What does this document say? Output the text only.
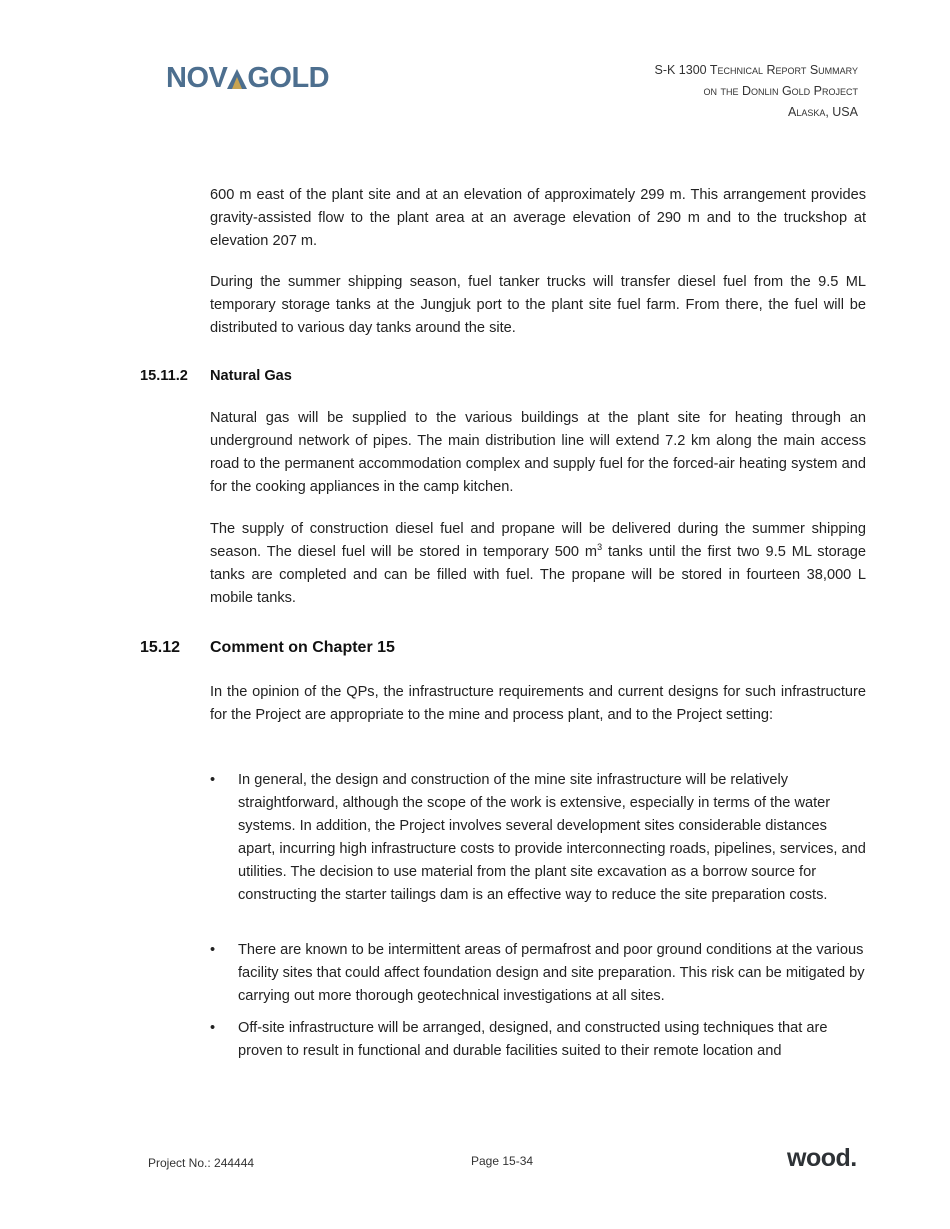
NOV GOLD	S-K 1300 Technical Report Summary
on the Donlin Gold Project
Alaska, USA

600 m east of the plant site and at an elevation of approximately 299 m. This arrangement provides gravity-assisted flow to the plant area at an average elevation of 290 m and to the truckshop at elevation 207 m.

During the summer shipping season, fuel tanker trucks will transfer diesel fuel from the 9.5 ML temporary storage tanks at the Jungjuk port to the plant site fuel farm. From there, the fuel will be distributed to various day tanks around the site.

15.11.2 Natural Gas

Natural gas will be supplied to the various buildings at the plant site for heating through an underground network of pipes. The main distribution line will extend 7.2 km along the main access road to the permanent accommodation complex and supply fuel for the forced-air heating system and for the cooking appliances in the camp kitchen.

The supply of construction diesel fuel and propane will be delivered during the summer shipping season. The diesel fuel will be stored in temporary 500 $m^3$ tanks until the first two 9.5 ML storage tanks are completed and can be filled with fuel. The propane will be stored in fourteen 38,000 L mobile tanks.

15.12 Comment on Chapter 15

In the opinion of the QPs, the infrastructure requirements and current designs for such infrastructure for the Project are appropriate to the mine and process plant, and to the Project setting:

•	In general, the design and construction of the mine site infrastructure will be relatively straightforward, although the scope of the work is extensive, especially in terms of the water systems. In addition, the Project involves several development sites considerable distances apart, incurring high infrastructure costs to provide interconnecting roads, pipelines, services, and utilities. The decision to use material from the plant site excavation as a borrow source for constructing the starter tailings dam is an effective way to reduce the site preparation costs.
•	There are known to be intermittent areas of permafrost and poor ground conditions at the various facility sites that could affect foundation design and site preparation. This risk can be mitigated by carrying out more thorough geotechnical investigations at all sites.
•	Off-site infrastructure will be arranged, designed, and constructed using techniques that are proven to result in functional and durable facilities suited to their remote location and
Project No.: 244444	Page 15-34	wood.
